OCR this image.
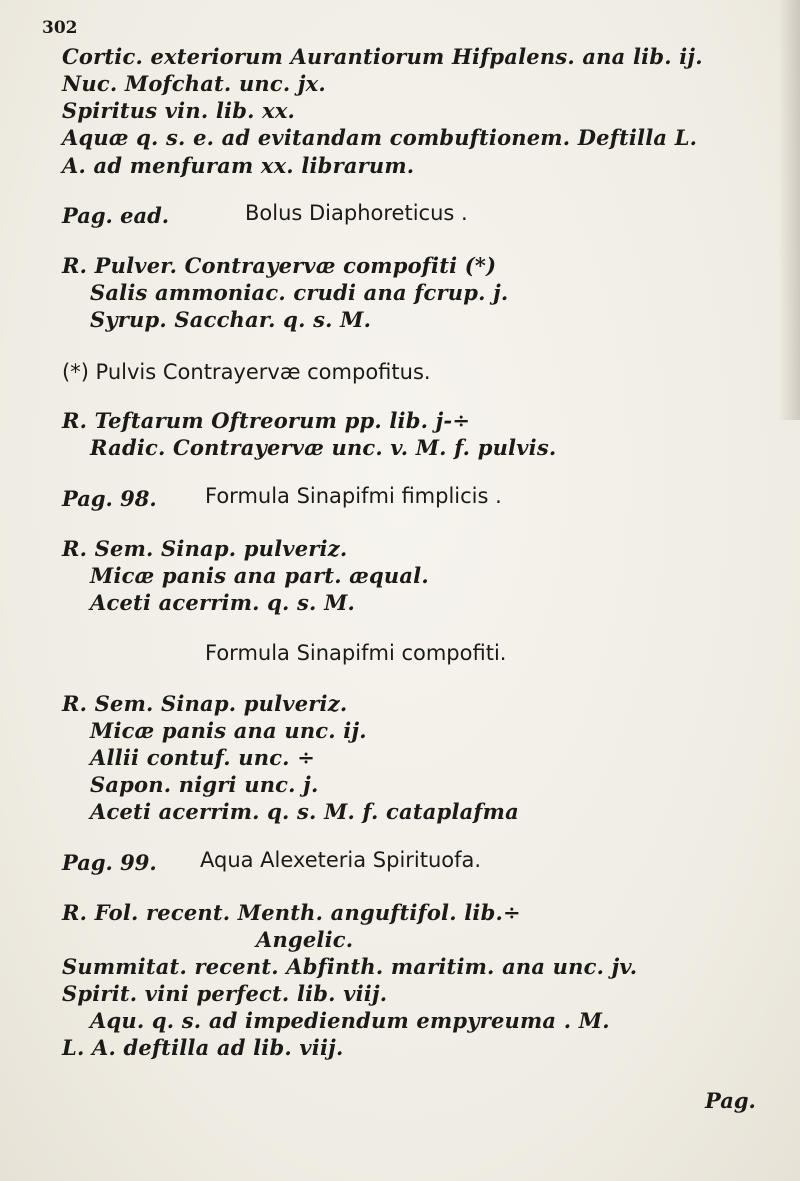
302
Cortic. exteriorum Aurantiorum Hifpalens. ana lib. ij.
Nuc. Mofchat. unc. jx.
Spiritus vin. lib. xx.
Aquæ q. s. e. ad evitandam combuftionem. Deftilla L.
A. ad menfuram xx. librarum.
Pag. ead.	Bolus Diaphoreticus .
R. Pulver. Contrayervæ compofiti (*)
Salis ammoniac. crudi ana fcrup. j.
Syrup. Sacchar. q. s. M.
(*) Pulvis Contrayervæ compofitus.
R. Teftarum Oftreorum pp. lib. j-÷
Radic. Contrayervæ unc. v. M. f. pulvis.
Pag. 98. Formula Sinapifmi fimplicis .
R. Sem. Sinap. pulveriz.
Micæ panis ana part. æqual.
Aceti acerrim. q. s. M.
Formula Sinapifmi compofiti.
R. Sem. Sinap. pulveriz.
Micæ panis ana unc. ij.
Allii contuf. unc. ÷
Sapon. nigri unc. j.
Aceti acerrim. q. s. M. f. cataplafma
Pag. 99. Aqua Alexeteria Spirituofa.
R. Fol. recent. Menth. anguftifol. lib.÷
Angelic.
Summitat. recent. Abfinth. maritim. ana unc. jv.
Spirit. vini perfect. lib. viij.
Aqu. q. s. ad impediendum empyreuma . M.
L. A. deftilla ad lib. viij.
Pag.
